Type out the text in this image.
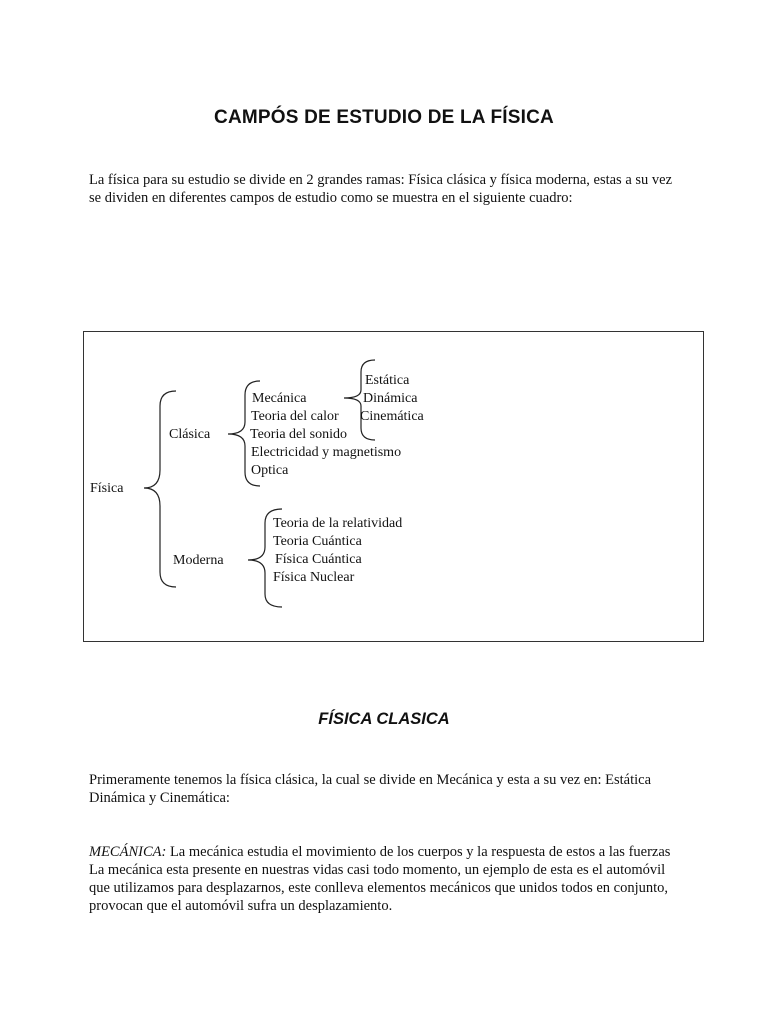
CAMPÓS DE ESTUDIO DE LA FÍSICA

La física para su estudio se divide en 2 grandes ramas: Física clásica y física moderna, estas a su vez

se dividen en diferentes campos de estudio como se muestra en el siguiente cuadro:

Física
Clásica
Moderna
Mecánica
Teoria del calor
Teoria del sonido
Electricidad y magnetismo
Optica
Estática
Dinámica
Cinemática
Teoria de la relatividad
Teoria Cuántica
Física Cuántica
Física Nuclear
FÍSICA CLASICA

Primeramente tenemos la física clásica, la cual se divide en Mecánica y esta a su vez en: Estática

Dinámica y Cinemática:

MECÁNICA: La mecánica estudia el movimiento de los cuerpos y la respuesta de estos a las fuerzas

La mecánica esta presente en nuestras vidas casi todo momento, un ejemplo de esta es el automóvil

que utilizamos para desplazarnos, este conlleva elementos mecánicos que unidos todos en conjunto,

provocan que el automóvil sufra un desplazamiento.
